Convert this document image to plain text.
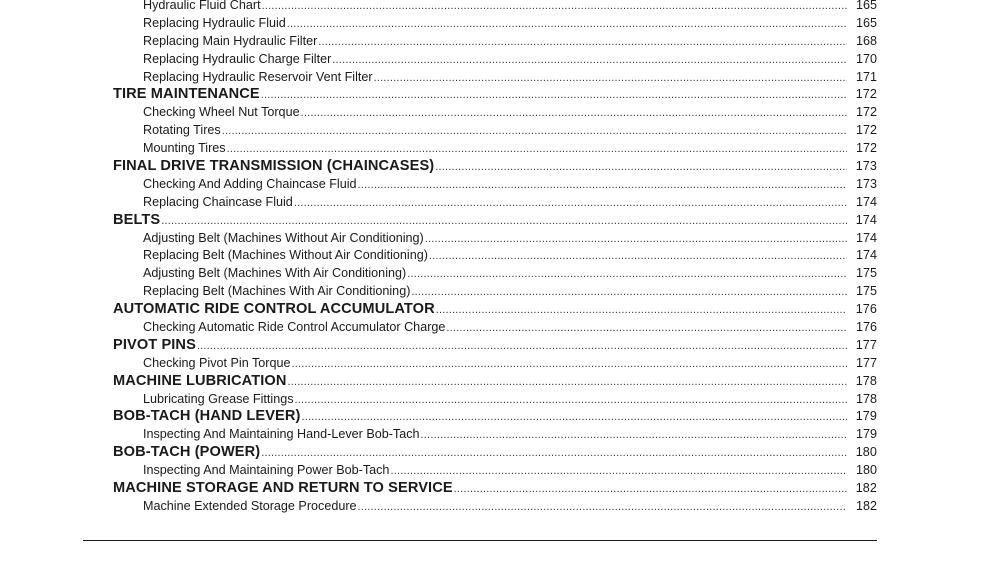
Hydraulic Fluid Chart .....	165
Replacing Hydraulic Fluid .....	165
Replacing Main Hydraulic Filter .....	168
Replacing Hydraulic Charge Filter .....	170
Replacing Hydraulic Reservoir Vent Filter .....	171
TIRE MAINTENANCE .....	172
Checking Wheel Nut Torque .....	172
Rotating Tires .....	172
Mounting Tires .....	172
FINAL DRIVE TRANSMISSION (CHAINCASES) .....	173
Checking And Adding Chaincase Fluid .....	173
Replacing Chaincase Fluid .....	174
BELTS .....	174
Adjusting Belt (Machines Without Air Conditioning) .....	174
Replacing Belt (Machines Without Air Conditioning) .....	174
Adjusting Belt (Machines With Air Conditioning) .....	175
Replacing Belt (Machines With Air Conditioning) .....	175
AUTOMATIC RIDE CONTROL ACCUMULATOR .....	176
Checking Automatic Ride Control Accumulator Charge .....	176
PIVOT PINS .....	177
Checking Pivot Pin Torque .....	177
MACHINE LUBRICATION .....	178
Lubricating Grease Fittings .....	178
BOB-TACH (HAND LEVER) .....	179
Inspecting And Maintaining Hand-Lever Bob-Tach .....	179
BOB-TACH (POWER) .....	180
Inspecting And Maintaining Power Bob-Tach .....	180
MACHINE STORAGE AND RETURN TO SERVICE .....	182
Machine Extended Storage Procedure .....	182
